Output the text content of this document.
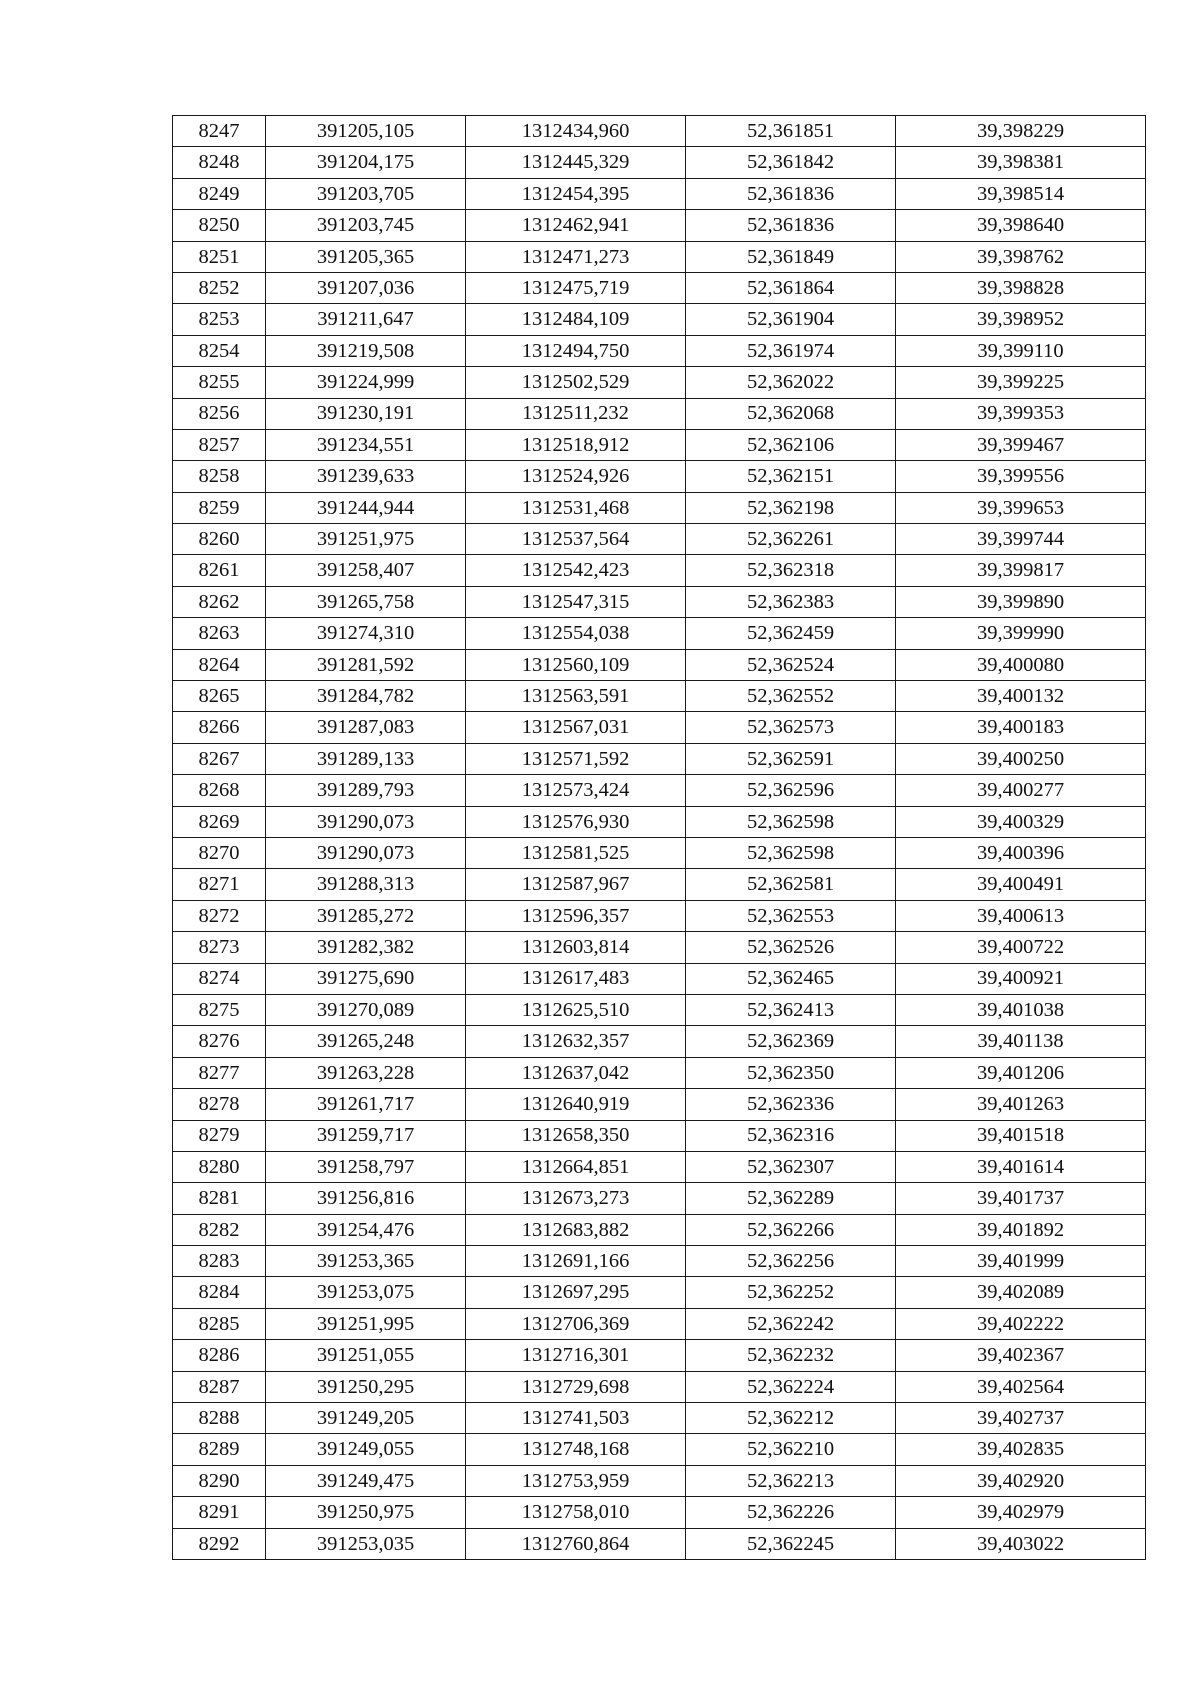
8247	391205,105	1312434,960	52,361851	39,398229
8248	391204,175	1312445,329	52,361842	39,398381
8249	391203,705	1312454,395	52,361836	39,398514
8250	391203,745	1312462,941	52,361836	39,398640
8251	391205,365	1312471,273	52,361849	39,398762
8252	391207,036	1312475,719	52,361864	39,398828
8253	391211,647	1312484,109	52,361904	39,398952
8254	391219,508	1312494,750	52,361974	39,399110
8255	391224,999	1312502,529	52,362022	39,399225
8256	391230,191	1312511,232	52,362068	39,399353
8257	391234,551	1312518,912	52,362106	39,399467
8258	391239,633	1312524,926	52,362151	39,399556
8259	391244,944	1312531,468	52,362198	39,399653
8260	391251,975	1312537,564	52,362261	39,399744
8261	391258,407	1312542,423	52,362318	39,399817
8262	391265,758	1312547,315	52,362383	39,399890
8263	391274,310	1312554,038	52,362459	39,399990
8264	391281,592	1312560,109	52,362524	39,400080
8265	391284,782	1312563,591	52,362552	39,400132
8266	391287,083	1312567,031	52,362573	39,400183
8267	391289,133	1312571,592	52,362591	39,400250
8268	391289,793	1312573,424	52,362596	39,400277
8269	391290,073	1312576,930	52,362598	39,400329
8270	391290,073	1312581,525	52,362598	39,400396
8271	391288,313	1312587,967	52,362581	39,400491
8272	391285,272	1312596,357	52,362553	39,400613
8273	391282,382	1312603,814	52,362526	39,400722
8274	391275,690	1312617,483	52,362465	39,400921
8275	391270,089	1312625,510	52,362413	39,401038
8276	391265,248	1312632,357	52,362369	39,401138
8277	391263,228	1312637,042	52,362350	39,401206
8278	391261,717	1312640,919	52,362336	39,401263
8279	391259,717	1312658,350	52,362316	39,401518
8280	391258,797	1312664,851	52,362307	39,401614
8281	391256,816	1312673,273	52,362289	39,401737
8282	391254,476	1312683,882	52,362266	39,401892
8283	391253,365	1312691,166	52,362256	39,401999
8284	391253,075	1312697,295	52,362252	39,402089
8285	391251,995	1312706,369	52,362242	39,402222
8286	391251,055	1312716,301	52,362232	39,402367
8287	391250,295	1312729,698	52,362224	39,402564
8288	391249,205	1312741,503	52,362212	39,402737
8289	391249,055	1312748,168	52,362210	39,402835
8290	391249,475	1312753,959	52,362213	39,402920
8291	391250,975	1312758,010	52,362226	39,402979
8292	391253,035	1312760,864	52,362245	39,403022
